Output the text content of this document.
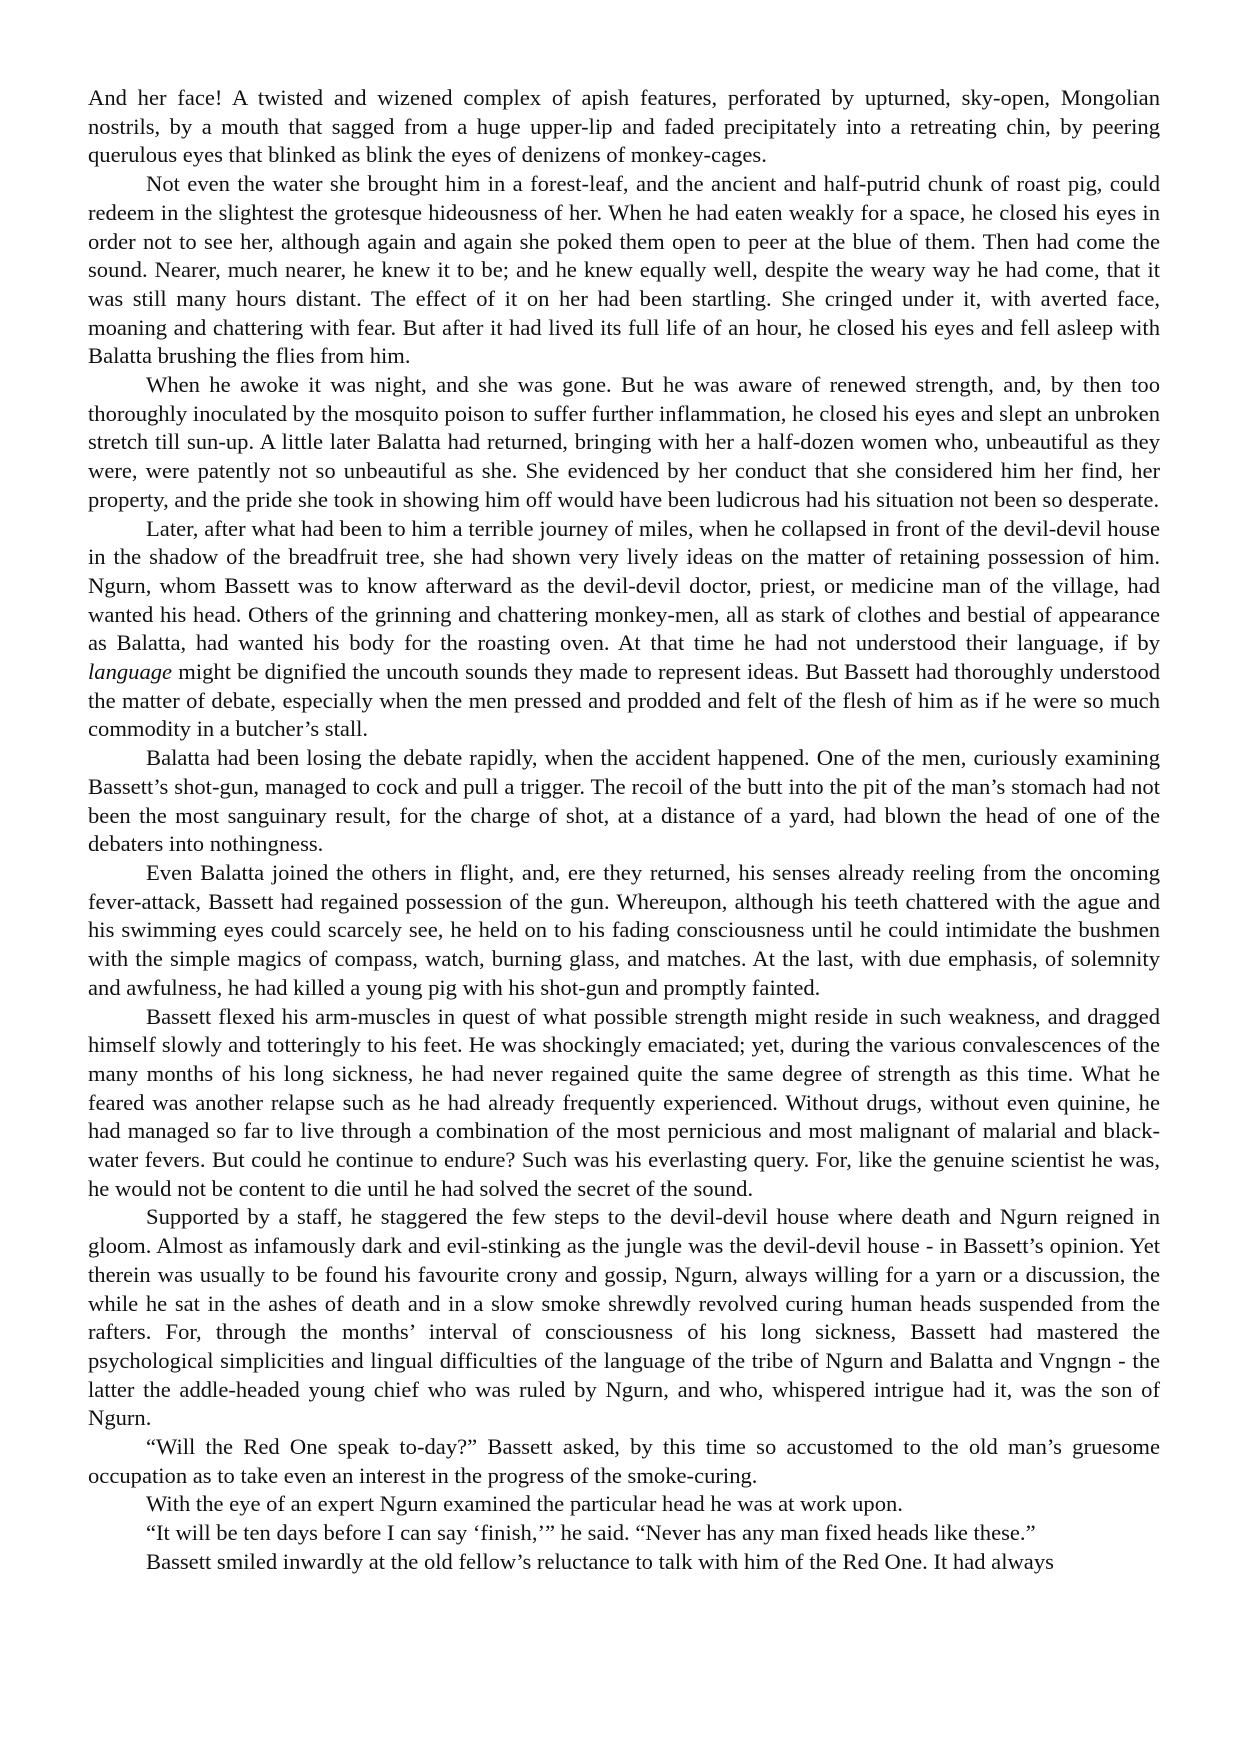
And her face! A twisted and wizened complex of apish features, perforated by upturned, sky-open, Mongolian nostrils, by a mouth that sagged from a huge upper-lip and faded precipitately into a retreating chin, by peering querulous eyes that blinked as blink the eyes of denizens of monkey-cages.

Not even the water she brought him in a forest-leaf, and the ancient and half-putrid chunk of roast pig, could redeem in the slightest the grotesque hideousness of her. When he had eaten weakly for a space, he closed his eyes in order not to see her, although again and again she poked them open to peer at the blue of them. Then had come the sound. Nearer, much nearer, he knew it to be; and he knew equally well, despite the weary way he had come, that it was still many hours distant. The effect of it on her had been startling. She cringed under it, with averted face, moaning and chattering with fear. But after it had lived its full life of an hour, he closed his eyes and fell asleep with Balatta brushing the flies from him.

When he awoke it was night, and she was gone. But he was aware of renewed strength, and, by then too thoroughly inoculated by the mosquito poison to suffer further inflammation, he closed his eyes and slept an unbroken stretch till sun-up. A little later Balatta had returned, bringing with her a half-dozen women who, unbeautiful as they were, were patently not so unbeautiful as she. She evidenced by her conduct that she considered him her find, her property, and the pride she took in showing him off would have been ludicrous had his situation not been so desperate.

Later, after what had been to him a terrible journey of miles, when he collapsed in front of the devil-devil house in the shadow of the breadfruit tree, she had shown very lively ideas on the matter of retaining possession of him. Ngurn, whom Bassett was to know afterward as the devil-devil doctor, priest, or medicine man of the village, had wanted his head. Others of the grinning and chattering monkey-men, all as stark of clothes and bestial of appearance as Balatta, had wanted his body for the roasting oven. At that time he had not understood their language, if by language might be dignified the uncouth sounds they made to represent ideas. But Bassett had thoroughly understood the matter of debate, especially when the men pressed and prodded and felt of the flesh of him as if he were so much commodity in a butcher’s stall.

Balatta had been losing the debate rapidly, when the accident happened. One of the men, curiously examining Bassett’s shot-gun, managed to cock and pull a trigger. The recoil of the butt into the pit of the man’s stomach had not been the most sanguinary result, for the charge of shot, at a distance of a yard, had blown the head of one of the debaters into nothingness.

Even Balatta joined the others in flight, and, ere they returned, his senses already reeling from the oncoming fever-attack, Bassett had regained possession of the gun. Whereupon, although his teeth chattered with the ague and his swimming eyes could scarcely see, he held on to his fading consciousness until he could intimidate the bushmen with the simple magics of compass, watch, burning glass, and matches. At the last, with due emphasis, of solemnity and awfulness, he had killed a young pig with his shot-gun and promptly fainted.

Bassett flexed his arm-muscles in quest of what possible strength might reside in such weakness, and dragged himself slowly and totteringly to his feet. He was shockingly emaciated; yet, during the various convalescences of the many months of his long sickness, he had never regained quite the same degree of strength as this time. What he feared was another relapse such as he had already frequently experienced. Without drugs, without even quinine, he had managed so far to live through a combination of the most pernicious and most malignant of malarial and black-water fevers. But could he continue to endure? Such was his everlasting query. For, like the genuine scientist he was, he would not be content to die until he had solved the secret of the sound.

Supported by a staff, he staggered the few steps to the devil-devil house where death and Ngurn reigned in gloom. Almost as infamously dark and evil-stinking as the jungle was the devil-devil house - in Bassett’s opinion. Yet therein was usually to be found his favourite crony and gossip, Ngurn, always willing for a yarn or a discussion, the while he sat in the ashes of death and in a slow smoke shrewdly revolved curing human heads suspended from the rafters. For, through the months’ interval of consciousness of his long sickness, Bassett had mastered the psychological simplicities and lingual difficulties of the language of the tribe of Ngurn and Balatta and Vngngn - the latter the addle-headed young chief who was ruled by Ngurn, and who, whispered intrigue had it, was the son of Ngurn.

“Will the Red One speak to-day?” Bassett asked, by this time so accustomed to the old man’s gruesome occupation as to take even an interest in the progress of the smoke-curing.

With the eye of an expert Ngurn examined the particular head he was at work upon.

“It will be ten days before I can say ‘finish,’” he said. “Never has any man fixed heads like these.”

Bassett smiled inwardly at the old fellow’s reluctance to talk with him of the Red One. It had always
